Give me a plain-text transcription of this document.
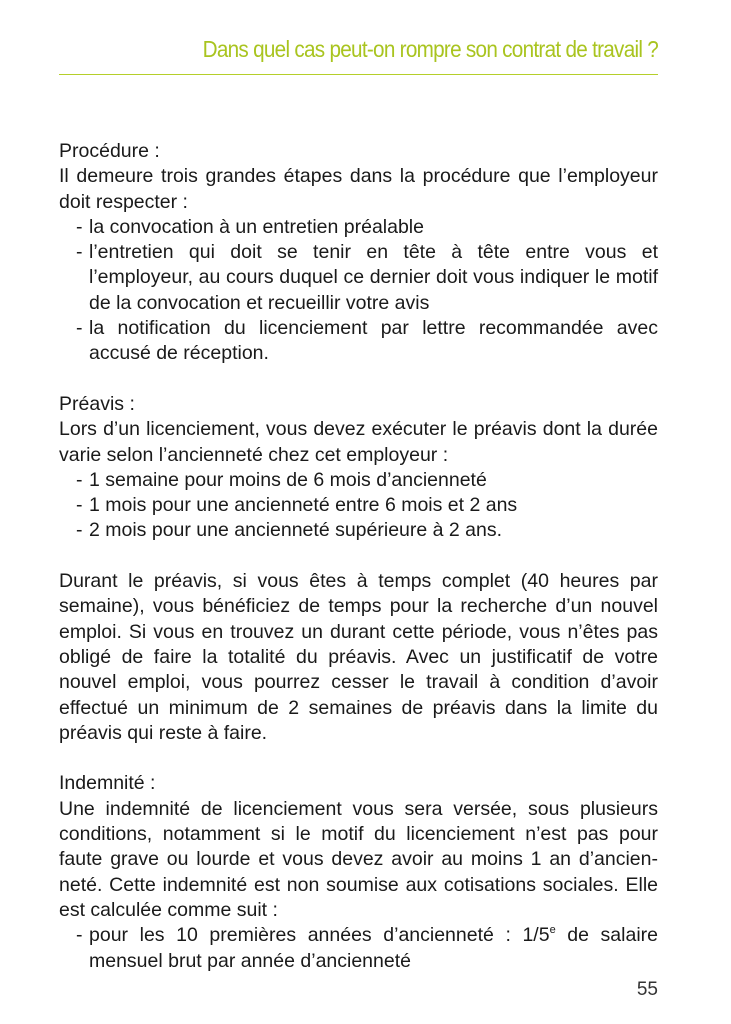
Dans quel cas peut-on rompre son contrat de travail ?

Procédure :

Il demeure trois grandes étapes dans la procédure que l’employeur doit respecter :

- la convocation à un entretien préalable
- l’entretien qui doit se tenir en tête à tête entre vous et l’employeur, au cours duquel ce dernier doit vous indiquer le motif de la convocation et recueillir votre avis
- la notification du licenciement par lettre recommandée avec accusé de réception.

Préavis :

Lors d’un licenciement, vous devez exécuter le préavis dont la durée varie selon l’ancienneté chez cet employeur :

- 1 semaine pour moins de 6 mois d’ancienneté
- 1 mois pour une ancienneté entre 6 mois et 2 ans
- 2 mois pour une ancienneté supérieure à 2 ans.

Durant le préavis, si vous êtes à temps complet (40 heures par semaine), vous bénéficiez de temps pour la recherche d’un nouvel emploi. Si vous en trouvez un durant cette période, vous n’êtes pas obligé de faire la totalité du préavis. Avec un justificatif de votre nouvel emploi, vous pourrez cesser le travail à condition d’avoir effectué un minimum de 2 semaines de préavis dans la limite du préavis qui reste à faire.

Indemnité :

Une indemnité de licenciement vous sera versée, sous plusieurs conditions, notamment si le motif du licenciement n’est pas pour faute grave ou lourde et vous devez avoir au moins 1 an d’ancienneté. Cette indemnité est non soumise aux cotisations sociales. Elle est calculée comme suit :

- pour les 10 premières années d’ancienneté : 1/5e de salaire mensuel brut par année d’ancienneté
55
